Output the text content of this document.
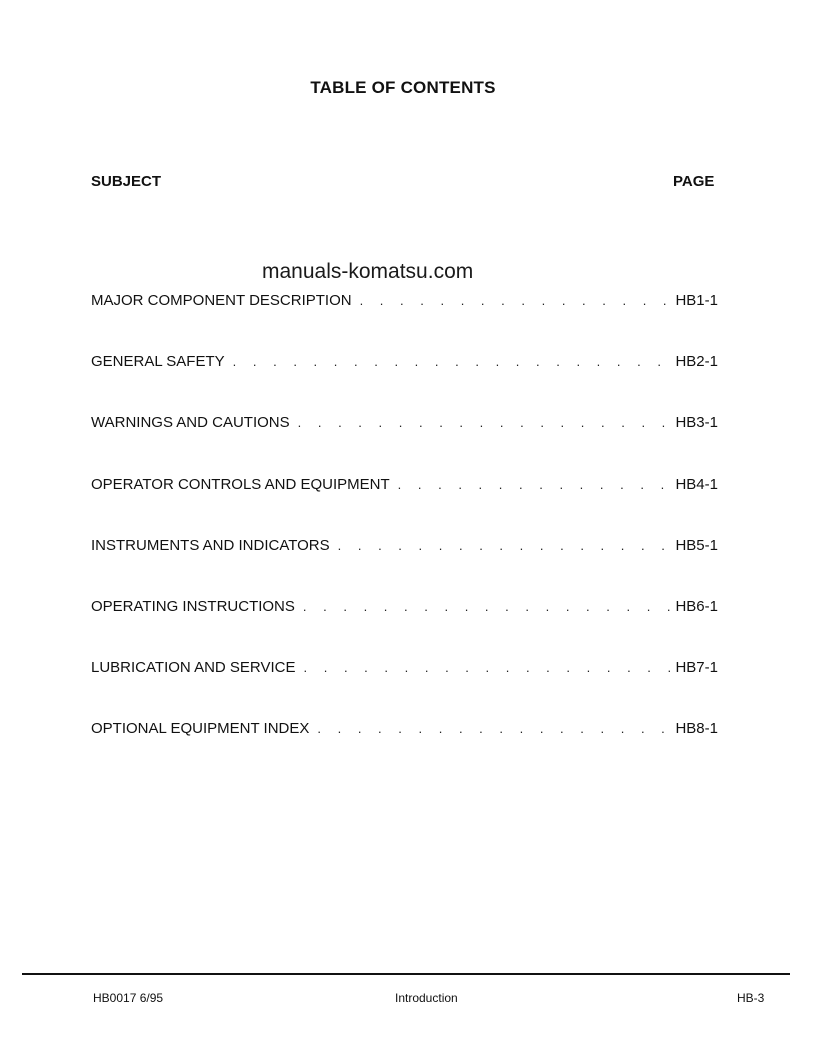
TABLE OF CONTENTS
SUBJECT	PAGE
manuals-komatsu.com
MAJOR COMPONENT DESCRIPTION . . .	HB1-1
GENERAL SAFETY . . .	HB2-1
WARNINGS AND CAUTIONS . . .	HB3-1
OPERATOR CONTROLS AND EQUIPMENT . . .	HB4-1
INSTRUMENTS AND INDICATORS . . .	HB5-1
OPERATING INSTRUCTIONS . . .	HB6-1
LUBRICATION AND SERVICE . . .	HB7-1
OPTIONAL EQUIPMENT INDEX . . .	HB8-1
HB0017 6/95	Introduction	HB-3
